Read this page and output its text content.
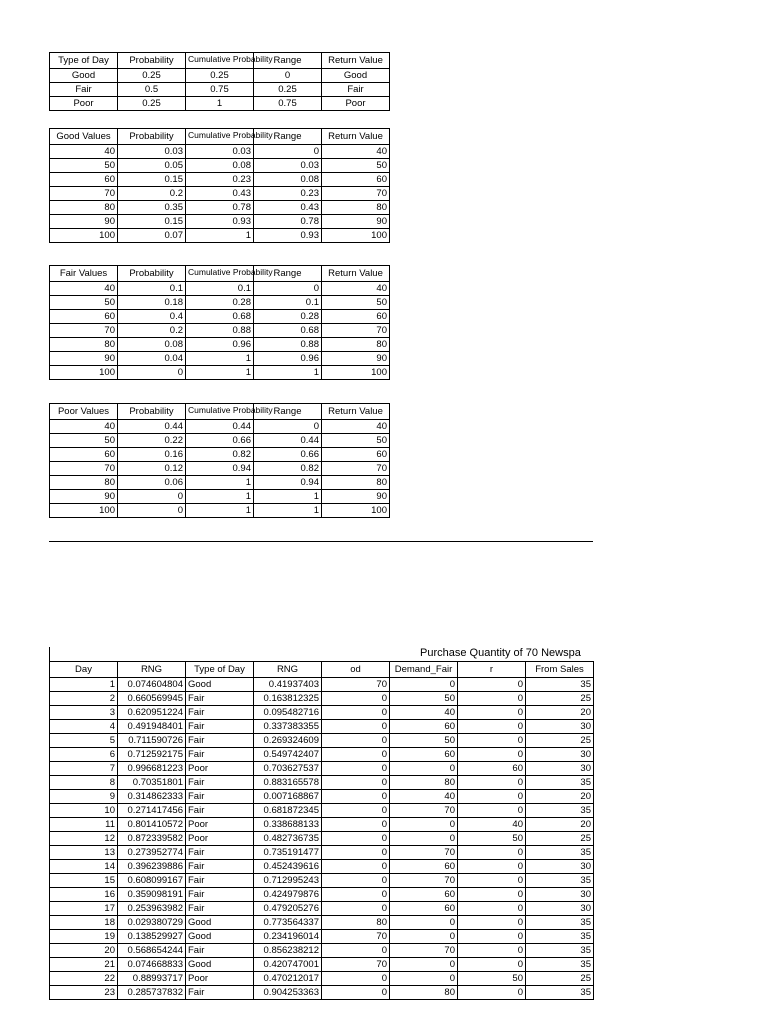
Type of Day	Probability	Cumulative Probability	Range	Return Value
Good	0.25	0.25	0	Good
Fair	0.5	0.75	0.25	Fair
Poor	0.25	1	0.75	Poor
Good Values	Probability	Cumulative Probability	Range	Return Value
40	0.03	0.03	0	40
50	0.05	0.08	0.03	50
60	0.15	0.23	0.08	60
70	0.2	0.43	0.23	70
80	0.35	0.78	0.43	80
90	0.15	0.93	0.78	90
100	0.07	1	0.93	100
Fair Values	Probability	Cumulative Probability	Range	Return Value
40	0.1	0.1	0	40
50	0.18	0.28	0.1	50
60	0.4	0.68	0.28	60
70	0.2	0.88	0.68	70
80	0.08	0.96	0.88	80
90	0.04	1	0.96	90
100	0	1	1	100
Poor Values	Probability	Cumulative Probability	Range	Return Value
40	0.44	0.44	0	40
50	0.22	0.66	0.44	50
60	0.16	0.82	0.66	60
70	0.12	0.94	0.82	70
80	0.06	1	0.94	80
90	0	1	1	90
100	0	1	1	100
Purchase Quantity of 70 Newspa
Day	RNG	Type of Day	RNG	od	Demand_Fair	r	From Sales
1	0.074604804	Good	0.41937403	70	0	0	35
2	0.660569945	Fair	0.163812325	0	50	0	25
3	0.620951224	Fair	0.095482716	0	40	0	20
4	0.491948401	Fair	0.337383355	0	60	0	30
5	0.711590726	Fair	0.269324609	0	50	0	25
6	0.712592175	Fair	0.549742407	0	60	0	30
7	0.996681223	Poor	0.703627537	0	0	60	30
8	0.70351801	Fair	0.883165578	0	80	0	35
9	0.314862333	Fair	0.007168867	0	40	0	20
10	0.271417456	Fair	0.681872345	0	70	0	35
11	0.801410572	Poor	0.338688133	0	0	40	20
12	0.872339582	Poor	0.482736735	0	0	50	25
13	0.273952774	Fair	0.735191477	0	70	0	35
14	0.396239886	Fair	0.452439616	0	60	0	30
15	0.608099167	Fair	0.712995243	0	70	0	35
16	0.359098191	Fair	0.424979876	0	60	0	30
17	0.253963982	Fair	0.479205276	0	60	0	30
18	0.029380729	Good	0.773564337	80	0	0	35
19	0.138529927	Good	0.234196014	70	0	0	35
20	0.568654244	Fair	0.856238212	0	70	0	35
21	0.074668833	Good	0.420747001	70	0	0	35
22	0.88993717	Poor	0.470212017	0	0	50	25
23	0.285737832	Fair	0.904253363	0	80	0	35
